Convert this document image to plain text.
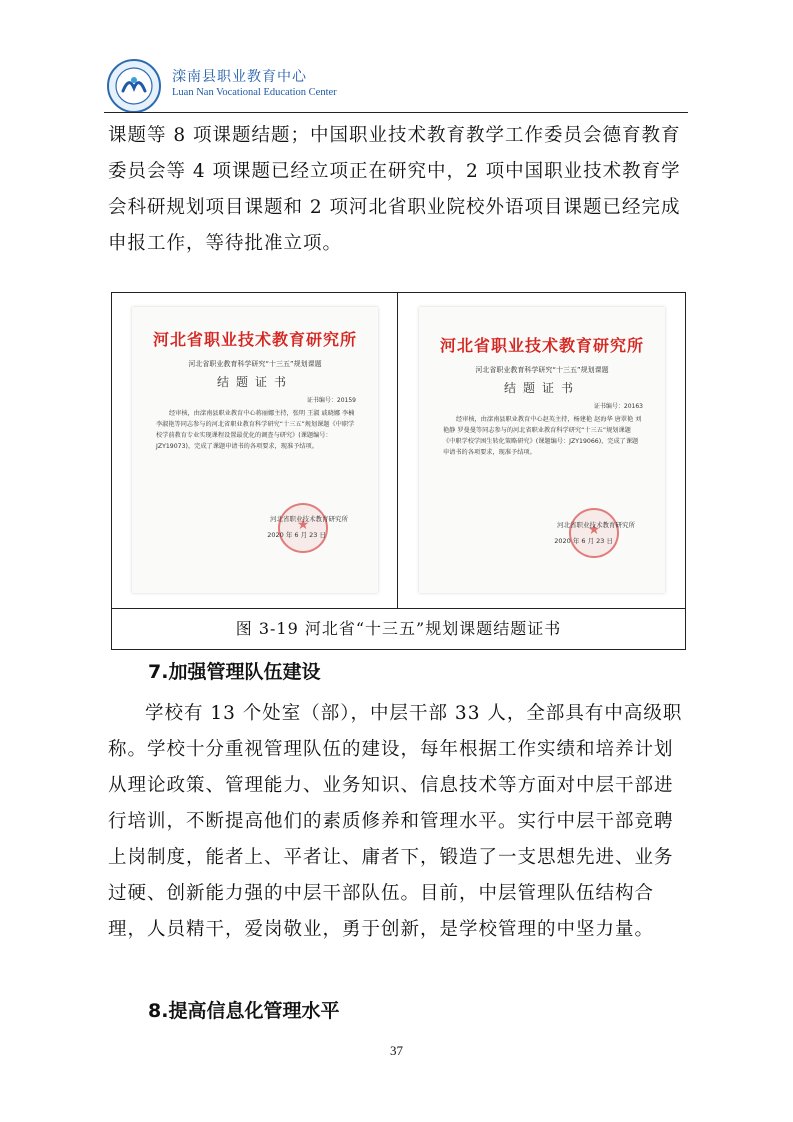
滦南县职业教育中心
Luan Nan Vocational Education Center

课题等 8 项课题结题；中国职业技术教育教学工作委员会德育教育委员会等 4 项课题已经立项正在研究中，2 项中国职业技术教育学会科研规划项目课题和 2 项河北省职业院校外语项目课题已经完成申报工作，等待批准立项。

河北省职业技术教育研究所
河北省职业教育科学研究“十三五”规划课题
结题证书
证书编号：20159

经审核，由滦南县职业教育中心蒋丽娜主持，张明 王淑 戚晓娜 李楠 李淑艳等同志参与的河北省职业教育科学研究“十三五”规划课题《中职学校学前教育专业实现课程设置最优化的调查与研究》(课题编号：JZY19073)，完成了课题申请书的各项要求，现准予结项。

★
河北省职业技术教育研究所
2020 年 6 月 23 日
河北省职业技术教育研究所
河北省职业教育科学研究“十三五”规划课题
结题证书
证书编号：20163

经审核，由滦南县职业教育中心赵英主持，杨建艳 赵海华 唐翠艳 刘艳静 罗曼曼等同志参与的河北省职业教育科学研究“十三五”规划课题《中职学校学困生转化策略研究》(课题编号：JZY19066)，完成了课题申请书的各项要求，现准予结项。

★
河北省职业技术教育研究所
2020 年 6 月 23 日
图 3-19 河北省“十三五”规划课题结题证书
7.加强管理队伍建设

学校有 13 个处室（部），中层干部 33 人，全部具有中高级职称。学校十分重视管理队伍的建设，每年根据工作实绩和培养计划从理论政策、管理能力、业务知识、信息技术等方面对中层干部进行培训，不断提高他们的素质修养和管理水平。实行中层干部竞聘上岗制度，能者上、平者让、庸者下，锻造了一支思想先进、业务过硬、创新能力强的中层干部队伍。目前，中层管理队伍结构合理，人员精干，爱岗敬业，勇于创新，是学校管理的中坚力量。

8.提高信息化管理水平
37
